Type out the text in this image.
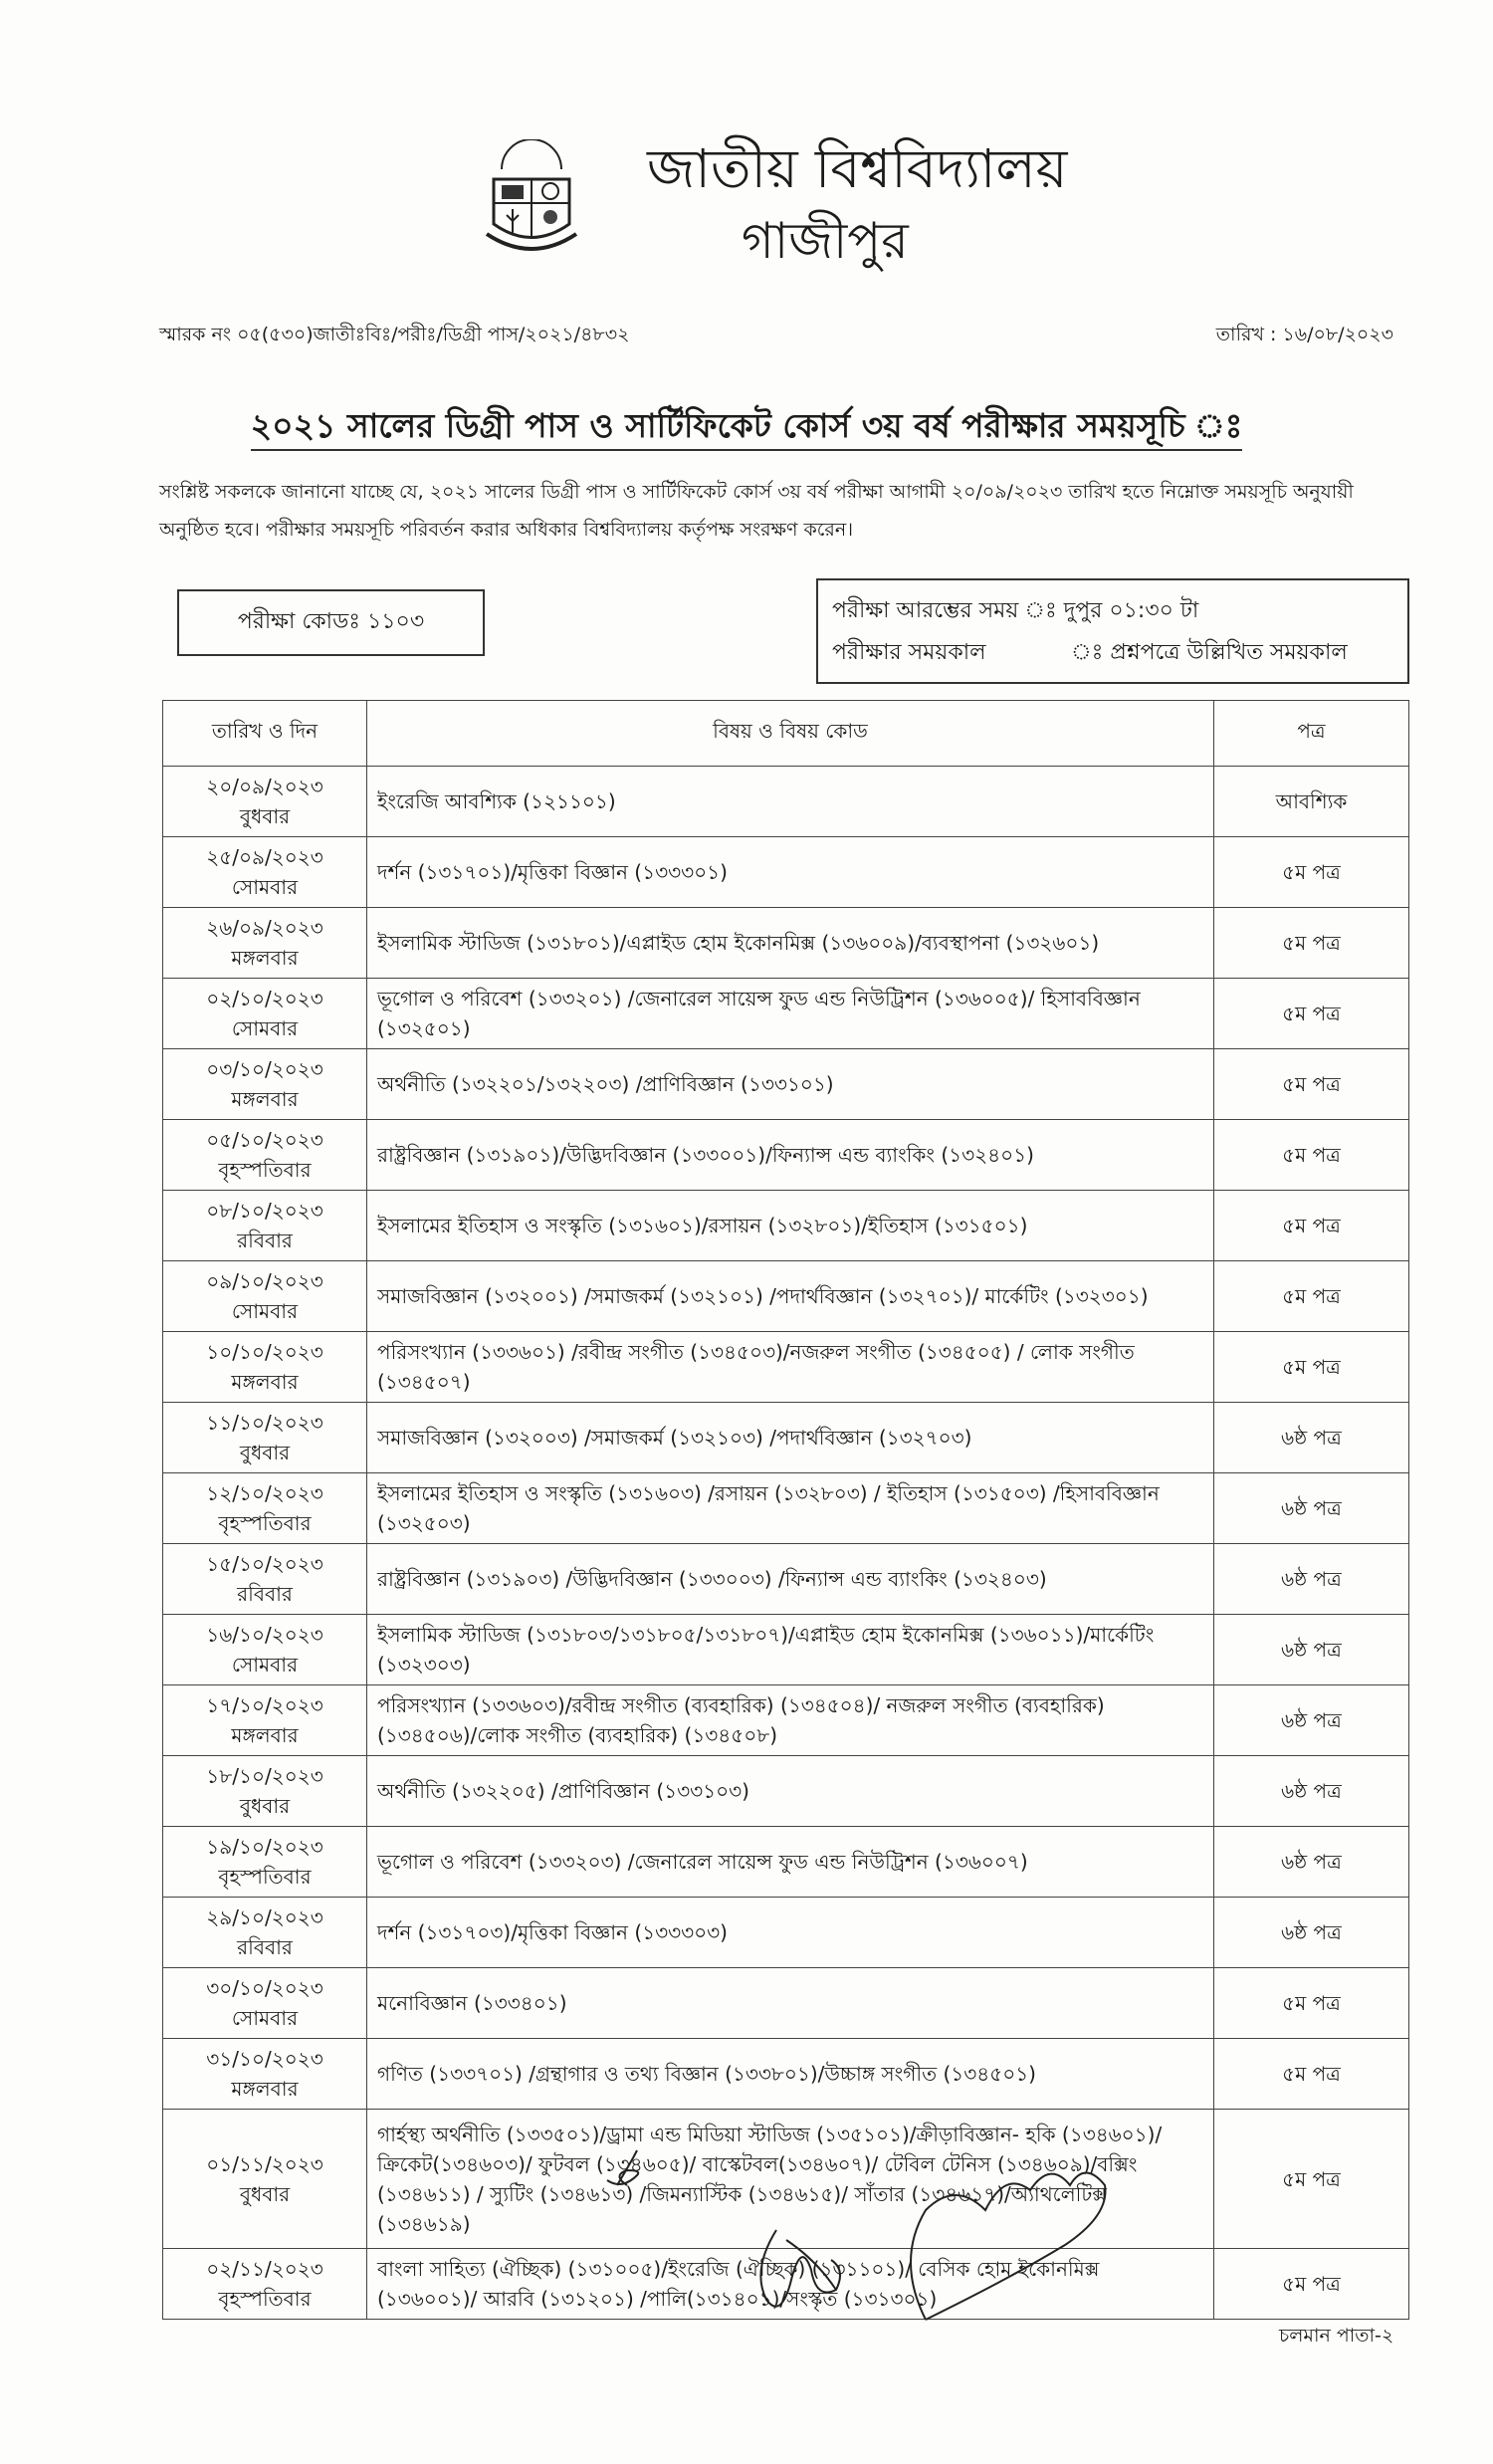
জাতীয় বিশ্ববিদ্যালয়
গাজীপুর
স্মারক নং ০৫(৫৩০)জাতীঃবিঃ/পরীঃ/ডিগ্রী পাস/২০২১/৪৮৩২	তারিখ : ১৬/০৮/২০২৩
২০২১ সালের ডিগ্রী পাস ও সার্টিফিকেট কোর্স ৩য় বর্ষ পরীক্ষার সময়সূচি ঃ
সংশ্লিষ্ট সকলকে জানানো যাচ্ছে যে, ২০২১ সালের ডিগ্রী পাস ও সার্টিফিকেট কোর্স ৩য় বর্ষ পরীক্ষা আগামী ২০/০৯/২০২৩ তারিখ হতে নিম্নোক্ত সময়সূচি অনুযায়ী অনুষ্ঠিত হবে। পরীক্ষার সময়সূচি পরিবর্তন করার অধিকার বিশ্ববিদ্যালয় কর্তৃপক্ষ সংরক্ষণ করেন।
পরীক্ষা কোডঃ ১১০৩	পরীক্ষা আরম্ভের সময় ঃ দুপুর ০১:৩০ টা
পরীক্ষার সময়কাল	ঃ প্রশ্নপত্রে উল্লিখিত সময়কাল
তারিখ ও দিন	বিষয় ও বিষয় কোড	পত্র

২০/০৯/২০২৩
বুধবার	ইংরেজি আবশ্যিক (১২১১০১)	আবশ্যিক

২৫/০৯/২০২৩
সোমবার	দর্শন (১৩১৭০১)/মৃত্তিকা বিজ্ঞান (১৩৩৩০১)	৫ম পত্র

২৬/০৯/২০২৩
মঙ্গলবার	ইসলামিক স্টাডিজ (১৩১৮০১)/এপ্লাইড হোম ইকোনমিক্স (১৩৬০০৯)/ব্যবস্থাপনা (১৩২৬০১)	৫ম পত্র

০২/১০/২০২৩
সোমবার	ভূগোল ও পরিবেশ (১৩৩২০১) /জেনারেল সায়েন্স ফুড এন্ড নিউট্রিশন (১৩৬০০৫)/ হিসাববিজ্ঞান (১৩২৫০১)	৫ম পত্র

০৩/১০/২০২৩
মঙ্গলবার	অর্থনীতি (১৩২২০১/১৩২২০৩) /প্রাণিবিজ্ঞান (১৩৩১০১)	৫ম পত্র

০৫/১০/২০২৩
বৃহস্পতিবার	রাষ্ট্রবিজ্ঞান (১৩১৯০১)/উদ্ভিদবিজ্ঞান (১৩৩০০১)/ফিন্যান্স এন্ড ব্যাংকিং (১৩২৪০১)	৫ম পত্র

০৮/১০/২০২৩
রবিবার	ইসলামের ইতিহাস ও সংস্কৃতি (১৩১৬০১)/রসায়ন (১৩২৮০১)/ইতিহাস (১৩১৫০১)	৫ম পত্র

০৯/১০/২০২৩
সোমবার	সমাজবিজ্ঞান (১৩২০০১) /সমাজকর্ম (১৩২১০১) /পদার্থবিজ্ঞান (১৩২৭০১)/ মার্কেটিং (১৩২৩০১)	৫ম পত্র

১০/১০/২০২৩
মঙ্গলবার	পরিসংখ্যান (১৩৩৬০১) /রবীন্দ্র সংগীত (১৩৪৫০৩)/নজরুল সংগীত (১৩৪৫০৫) / লোক সংগীত (১৩৪৫০৭)	৫ম পত্র

১১/১০/২০২৩
বুধবার	সমাজবিজ্ঞান (১৩২০০৩) /সমাজকর্ম (১৩২১০৩) /পদার্থবিজ্ঞান (১৩২৭০৩)	৬ষ্ঠ পত্র

১২/১০/২০২৩
বৃহস্পতিবার	ইসলামের ইতিহাস ও সংস্কৃতি (১৩১৬০৩) /রসায়ন (১৩২৮০৩) / ইতিহাস (১৩১৫০৩) /হিসাববিজ্ঞান (১৩২৫০৩)	৬ষ্ঠ পত্র

১৫/১০/২০২৩
রবিবার	রাষ্ট্রবিজ্ঞান (১৩১৯০৩) /উদ্ভিদবিজ্ঞান (১৩৩০০৩) /ফিন্যান্স এন্ড ব্যাংকিং (১৩২৪০৩)	৬ষ্ঠ পত্র

১৬/১০/২০২৩
সোমবার	ইসলামিক স্টাডিজ (১৩১৮০৩/১৩১৮০৫/১৩১৮০৭)/এপ্লাইড হোম ইকোনমিক্স (১৩৬০১১)/মার্কেটিং (১৩২৩০৩)	৬ষ্ঠ পত্র

১৭/১০/২০২৩
মঙ্গলবার	পরিসংখ্যান (১৩৩৬০৩)/রবীন্দ্র সংগীত (ব্যবহারিক) (১৩৪৫০৪)/ নজরুল সংগীত (ব্যবহারিক) (১৩৪৫০৬)/লোক সংগীত (ব্যবহারিক) (১৩৪৫০৮)	৬ষ্ঠ পত্র

১৮/১০/২০২৩
বুধবার	অর্থনীতি (১৩২২০৫) /প্রাণিবিজ্ঞান (১৩৩১০৩)	৬ষ্ঠ পত্র

১৯/১০/২০২৩
বৃহস্পতিবার	ভূগোল ও পরিবেশ (১৩৩২০৩) /জেনারেল সায়েন্স ফুড এন্ড নিউট্রিশন (১৩৬০০৭)	৬ষ্ঠ পত্র

২৯/১০/২০২৩
রবিবার	দর্শন (১৩১৭০৩)/মৃত্তিকা বিজ্ঞান (১৩৩৩০৩)	৬ষ্ঠ পত্র

৩০/১০/২০২৩
সোমবার	মনোবিজ্ঞান (১৩৩৪০১)	৫ম পত্র

৩১/১০/২০২৩
মঙ্গলবার	গণিত (১৩৩৭০১) /গ্রন্থাগার ও তথ্য বিজ্ঞান (১৩৩৮০১)/উচ্চাঙ্গ সংগীত (১৩৪৫০১)	৫ম পত্র

০১/১১/২০২৩
বুধবার	গার্হস্থ্য অর্থনীতি (১৩৩৫০১)/ড্রামা এন্ড মিডিয়া স্টাডিজ (১৩৫১০১)/ক্রীড়াবিজ্ঞান- হকি (১৩৪৬০১)/ ক্রিকেট(১৩৪৬০৩)/ ফুটবল (১৩৪৬০৫)/ বাস্কেটবল(১৩৪৬০৭)/ টেবিল টেনিস (১৩৪৬০৯)/বক্সিং (১৩৪৬১১) / স্যুটিং (১৩৪৬১৩) /জিমন্যাস্টিক (১৩৪৬১৫)/ সাঁতার (১৩৪৬১৭)/অ্যাথলেটিক্স (১৩৪৬১৯)	৫ম পত্র

০২/১১/২০২৩
বৃহস্পতিবার	বাংলা সাহিত্য (ঐচ্ছিক) (১৩১০০৫)/ইংরেজি (ঐচ্ছিক) (১৩১১০১)/ বেসিক হোম ইকোনমিক্স (১৩৬০০১)/ আরবি (১৩১২০১) /পালি(১৩১৪০১)/সংস্কৃত (১৩১৩০১)	৫ম পত্র
চলমান পাতা-২
